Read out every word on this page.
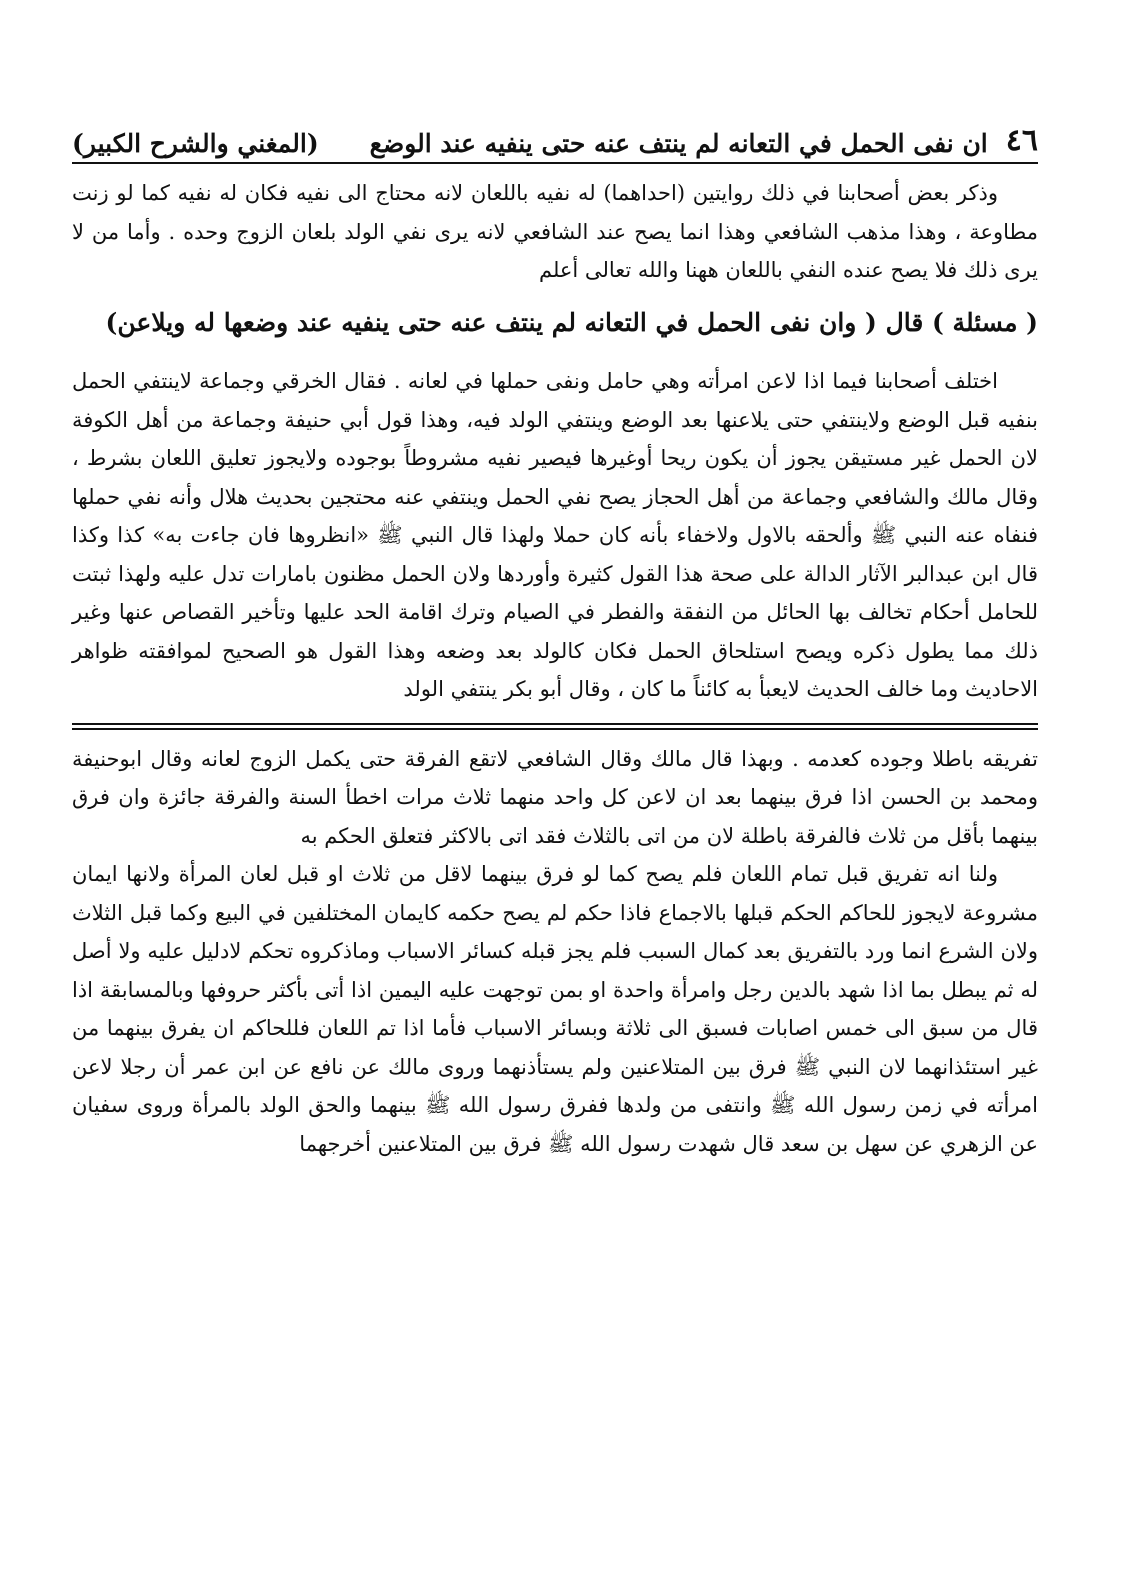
٤٦
ان نفى الحمل في التعانه لم ينتف عنه حتى ينفيه عند الوضع
(المغني والشرح الكبير)

وذكر بعض أصحابنا في ذلك روايتين (احداهما) له نفيه باللعان لانه محتاج الى نفيه فكان له نفيه كما لو زنت مطاوعة ، وهذا مذهب الشافعي وهذا انما يصح عند الشافعي لانه يرى نفي الولد بلعان الزوج وحده . وأما من لا يرى ذلك فلا يصح عنده النفي باللعان ههنا والله تعالى أعلم

( مسئلة ) قال ( وان نفى الحمل في التعانه لم ينتف عنه حتى ينفيه عند وضعها له ويلاعن)

اختلف أصحابنا فيما اذا لاعن امرأته وهي حامل ونفى حملها في لعانه . فقال الخرقي وجماعة لاينتفي الحمل بنفيه قبل الوضع ولاينتفي حتى يلاعنها بعد الوضع وينتفي الولد فيه، وهذا قول أبي حنيفة وجماعة من أهل الكوفة لان الحمل غير مستيقن يجوز أن يكون ريحا أوغيرها فيصير نفيه مشروطاً بوجوده ولايجوز تعليق اللعان بشرط ، وقال مالك والشافعي وجماعة من أهل الحجاز يصح نفي الحمل وينتفي عنه محتجين بحديث هلال وأنه نفي حملها فنفاه عنه النبي ﷺ وألحقه بالاول ولاخفاء بأنه كان حملا ولهذا قال النبي ﷺ «انظروها فان جاءت به» كذا وكذا قال ابن عبدالبر الآثار الدالة على صحة هذا القول كثيرة وأوردها ولان الحمل مظنون بامارات تدل عليه ولهذا ثبتت للحامل أحكام تخالف بها الحائل من النفقة والفطر في الصيام وترك اقامة الحد عليها وتأخير القصاص عنها وغير ذلك مما يطول ذكره ويصح استلحاق الحمل فكان كالولد بعد وضعه وهذا القول هو الصحيح لموافقته ظواهر الاحاديث وما خالف الحديث لايعبأ به كائناً ما كان ، وقال أبو بكر ينتفي الولد

تفريقه باطلا وجوده كعدمه . وبهذا قال مالك وقال الشافعي لاتقع الفرقة حتى يكمل الزوج لعانه وقال ابوحنيفة ومحمد بن الحسن اذا فرق بينهما بعد ان لاعن كل واحد منهما ثلاث مرات اخطأ السنة والفرقة جائزة وان فرق بينهما بأقل من ثلاث فالفرقة باطلة لان من اتى بالثلاث فقد اتى بالاكثر فتعلق الحكم به

ولنا انه تفريق قبل تمام اللعان فلم يصح كما لو فرق بينهما لاقل من ثلاث او قبل لعان المرأة ولانها ايمان مشروعة لايجوز للحاكم الحكم قبلها بالاجماع فاذا حكم لم يصح حكمه كايمان المختلفين في البيع وكما قبل الثلاث ولان الشرع انما ورد بالتفريق بعد كمال السبب فلم يجز قبله كسائر الاسباب وماذكروه تحكم لادليل عليه ولا أصل له ثم يبطل بما اذا شهد بالدين رجل وامرأة واحدة او بمن توجهت عليه اليمين اذا أتى بأكثر حروفها وبالمسابقة اذا قال من سبق الى خمس اصابات فسبق الى ثلاثة وبسائر الاسباب فأما اذا تم اللعان فللحاكم ان يفرق بينهما من غير استئذانهما لان النبي ﷺ فرق بين المتلاعنين ولم يستأذنهما وروى مالك عن نافع عن ابن عمر أن رجلا لاعن امرأته في زمن رسول الله ﷺ وانتفى من ولدها ففرق رسول الله ﷺ بينهما والحق الولد بالمرأة وروى سفيان عن الزهري عن سهل بن سعد قال شهدت رسول الله ﷺ فرق بين المتلاعنين أخرجهما
